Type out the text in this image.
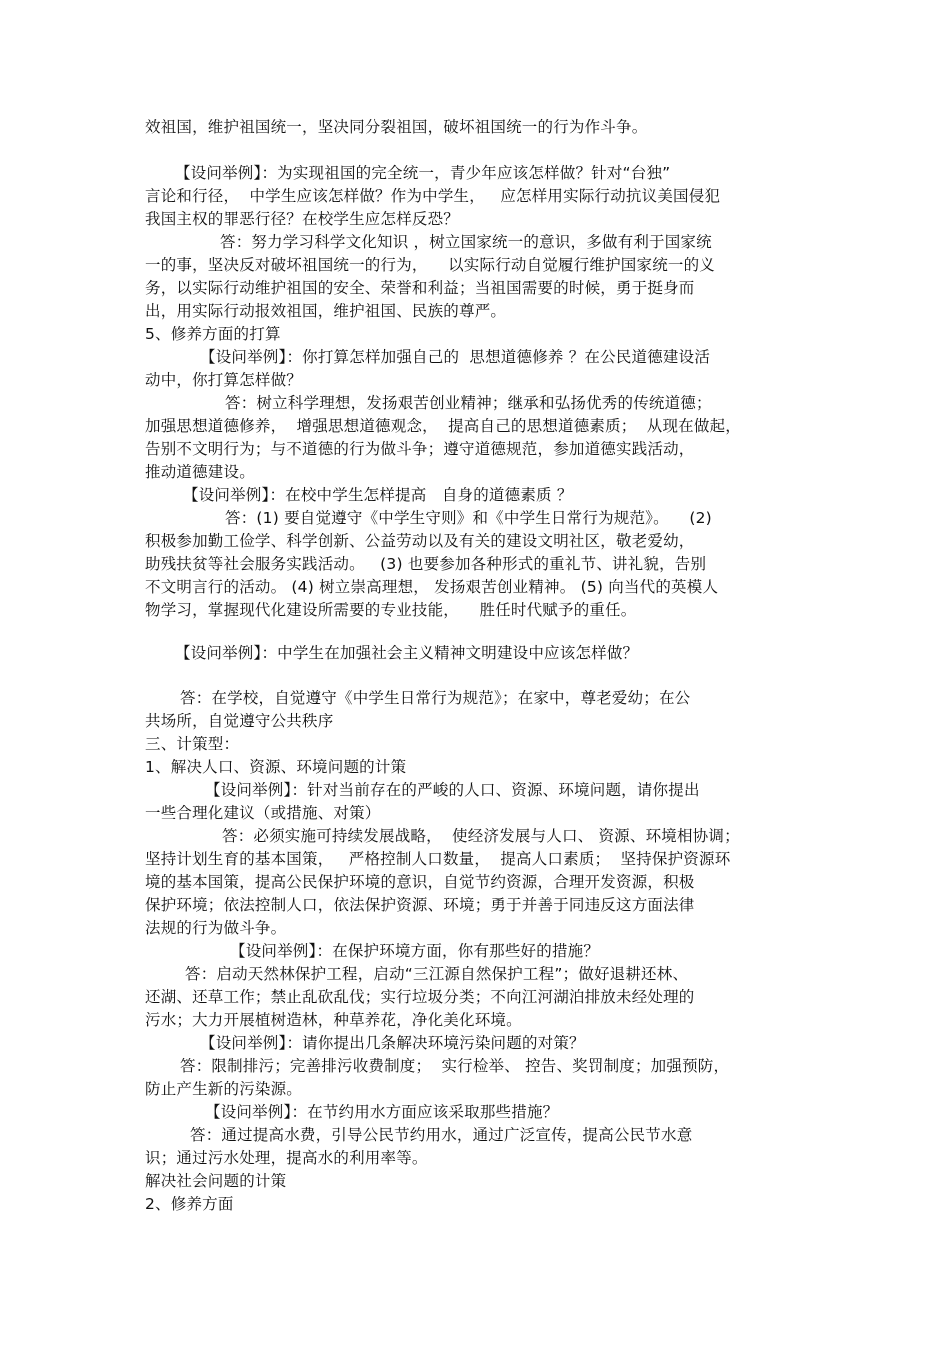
效祖国，维护祖国统一，坚决同分裂祖国，破坏祖国统一的行为作斗争。
【设问举例】：为实现祖国的完全统一，青少年应该怎样做？针对“台独”
言论和行径，  中学生应该怎样做？作为中学生，   应怎样用实际行动抗议美国侵犯
我国主权的罪恶行径？在校学生应怎样反恐？
答：努力学习科学文化知识 ，树立国家统一的意识，多做有利于国家统
一的事，坚决反对破坏祖国统一的行为，    以实际行动自觉履行维护国家统一的义
务，以实际行动维护祖国的安全、荣誉和利益；当祖国需要的时候，勇于挺身而
出，用实际行动报效祖国，维护祖国、民族的尊严。
5、修养方面的打算
【设问举例】：你打算怎样加强自己的  思想道德修养 ？在公民道德建设活
动中，你打算怎样做？
答：树立科学理想，发扬艰苦创业精神；继承和弘扬优秀的传统道德；
加强思想道德修养，  增强思想道德观念，  提高自己的思想道德素质；  从现在做起，
告别不文明行为；与不道德的行为做斗争；遵守道德规范，参加道德实践活动，
推动道德建设。
【设问举例】：在校中学生怎样提高   自身的道德素质 ？
答：(1) 要自觉遵守《中学生守则》和《中学生日常行为规范》。    (2)
积极参加勤工俭学、科学创新、公益劳动以及有关的建设文明社区，敬老爱幼，
助残扶贫等社会服务实践活动。   (3) 也要参加各种形式的重礼节、讲礼貌，告别
不文明言行的活动。 (4) 树立崇高理想， 发扬艰苦创业精神。 (5) 向当代的英模人
物学习，掌握现代化建设所需要的专业技能，    胜任时代赋予的重任。
【设问举例】：中学生在加强社会主义精神文明建设中应该怎样做？
答：在学校，自觉遵守《中学生日常行为规范》；在家中，尊老爱幼；在公
共场所，自觉遵守公共秩序
三、计策型：
1、解决人口、资源、环境问题的计策
【设问举例】：针对当前存在的严峻的人口、资源、环境问题，请你提出
一些合理化建议（或措施、对策）
答：必须实施可持续发展战略，  使经济发展与人口、 资源、环境相协调；
坚持计划生育的基本国策，   严格控制人口数量，  提高人口素质；  坚持保护资源环
境的基本国策，提高公民保护环境的意识，自觉节约资源，合理开发资源，积极
保护环境；依法控制人口，依法保护资源、环境；勇于并善于同违反这方面法律
法规的行为做斗争。
【设问举例】：在保护环境方面，你有那些好的措施？
答：启动天然林保护工程，启动“三江源自然保护工程”；做好退耕还林、
还湖、还草工作；禁止乱砍乱伐；实行垃圾分类；不向江河湖泊排放未经处理的
污水；大力开展植树造林，种草养花，净化美化环境。
【设问举例】：请你提出几条解决环境污染问题的对策？
答：限制排污；完善排污收费制度；  实行检举、 控告、奖罚制度；加强预防，
防止产生新的污染源。
【设问举例】：在节约用水方面应该采取那些措施？
答：通过提高水费，引导公民节约用水，通过广泛宣传，提高公民节水意
识；通过污水处理，提高水的利用率等。
解决社会问题的计策
2、修养方面
